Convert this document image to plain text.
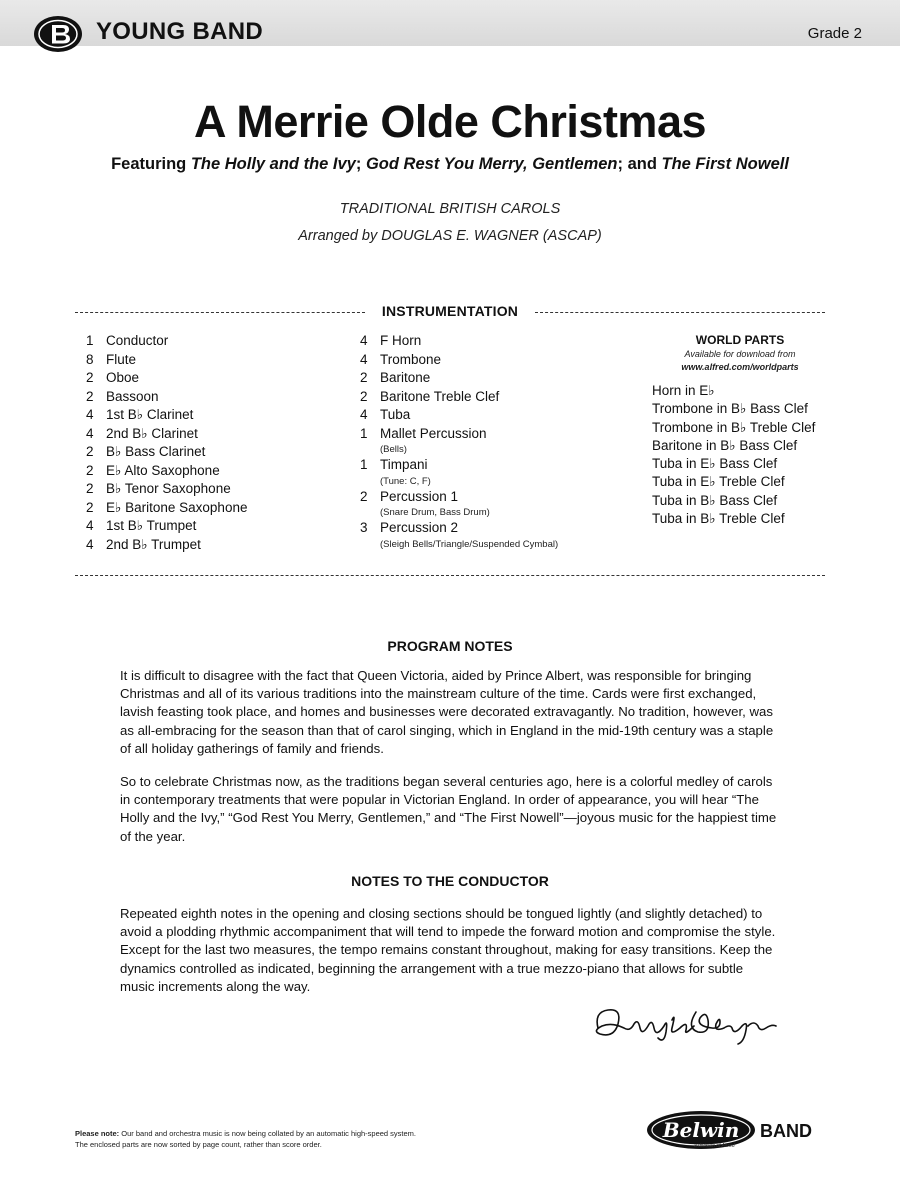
YOUNG BAND	Grade 2
A Merrie Olde Christmas
Featuring The Holly and the Ivy; God Rest You Merry, Gentlemen; and The First Nowell
TRADITIONAL BRITISH CAROLS
Arranged by DOUGLAS E. WAGNER (ASCAP)
INSTRUMENTATION
1 Conductor
8 Flute
2 Oboe
2 Bassoon
4 1st B♭ Clarinet
4 2nd B♭ Clarinet
2 B♭ Bass Clarinet
2 E♭ Alto Saxophone
2 B♭ Tenor Saxophone
2 E♭ Baritone Saxophone
4 1st B♭ Trumpet
4 2nd B♭ Trumpet
4 F Horn
4 Trombone
2 Baritone
2 Baritone Treble Clef
4 Tuba
1 Mallet Percussion
(Bells)
1 Timpani
(Tune: C, F)
2 Percussion 1
(Snare Drum, Bass Drum)
3 Percussion 2
(Sleigh Bells/Triangle/Suspended Cymbal)
WORLD PARTS
Available for download from
www.alfred.com/worldparts
Horn in E♭
Trombone in B♭ Bass Clef
Trombone in B♭ Treble Clef
Baritone in B♭ Bass Clef
Tuba in E♭ Bass Clef
Tuba in E♭ Treble Clef
Tuba in B♭ Bass Clef
Tuba in B♭ Treble Clef
PROGRAM NOTES

It is difficult to disagree with the fact that Queen Victoria, aided by Prince Albert, was responsible for bringing Christmas and all of its various traditions into the mainstream culture of the time. Cards were first exchanged, lavish feasting took place, and homes and businesses were decorated extravagantly. No tradition, however, was as all-embracing for the season than that of carol singing, which in England in the mid-19th century was a staple of all holiday gatherings of family and friends.

So to celebrate Christmas now, as the traditions began several centuries ago, here is a colorful medley of carols in contemporary treatments that were popular in Victorian England. In order of appearance, you will hear “The Holly and the Ivy,” “God Rest You Merry, Gentlemen,” and “The First Nowell”—joyous music for the happiest time of the year.

NOTES TO THE CONDUCTOR

Repeated eighth notes in the opening and closing sections should be tongued lightly (and slightly detached) to avoid a plodding rhythmic accompaniment that will tend to impede the forward motion and compromise the style. Except for the last two measures, the tempo remains constant throughout, making for easy transitions. Keep the dynamics controlled as indicated, beginning the arrangement with a true mezzo-piano that allows for subtle music increments along the way.

Please note: Our band and orchestra music is now being collated by an automatic high-speed system.
The enclosed parts are now sorted by page count, rather than score order.
Belwin BAND
a division of Alfred
